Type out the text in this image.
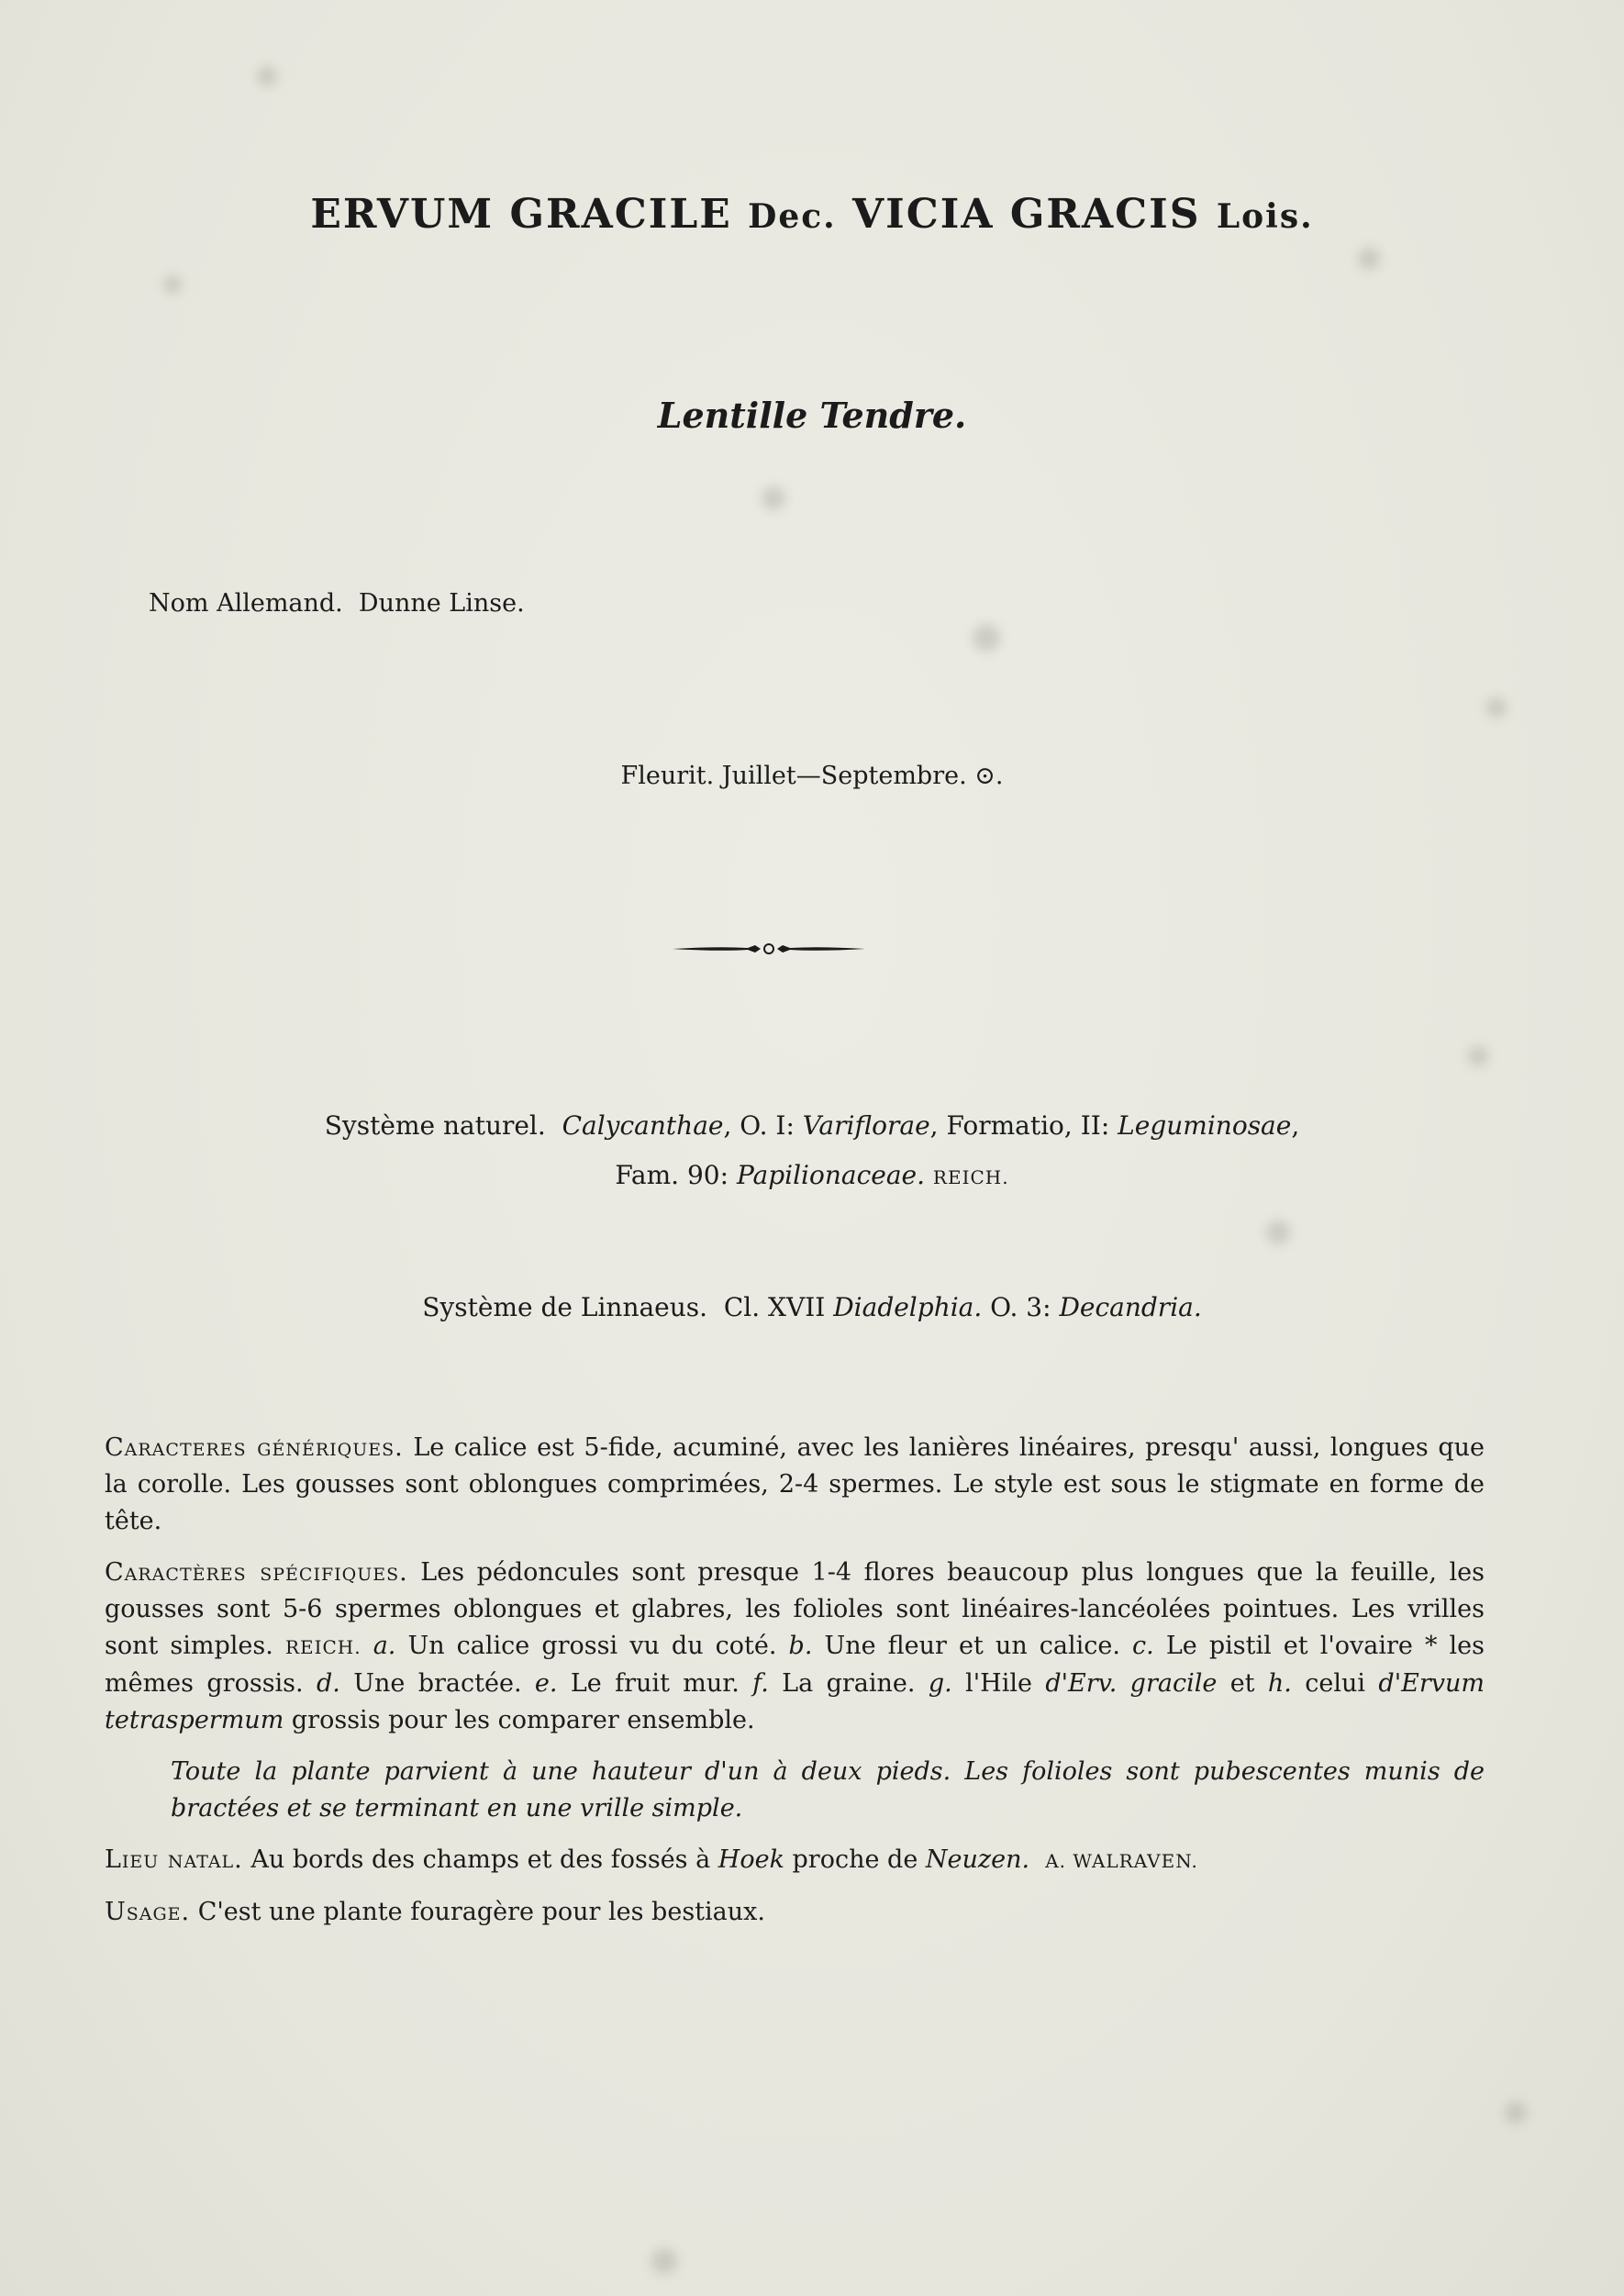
ERVUM GRACILE Dec. VICIA GRACIS Lois.
Lentille Tendre.
Nom Allemand.  Dunne Linse.
Fleurit. Juillet—Septembre. ⊙.
Système naturel. Calycanthae, O. I: Variflorae, Formatio, II: Leguminosae,
Fam. 90: Papilionaceae. REICH.
Système de Linnaeus. Cl. XVII Diadelphia. O. 3: Decandria.

Caracteres génériques. Le calice est 5-fide, acuminé, avec les lanières linéaires, presqu' aussi, longues que la corolle. Les gousses sont oblongues comprimées, 2-4 spermes. Le style est sous le stigmate en forme de tête.

Caractères spécifiques. Les pédoncules sont presque 1-4 flores beaucoup plus longues que la feuille, les gousses sont 5-6 spermes oblongues et glabres, les folioles sont linéaires-lancéolées pointues. Les vrilles sont simples. REICH. a. Un calice grossi vu du coté. b. Une fleur et un calice. c. Le pistil et l'ovaire * les mêmes grossis. d. Une bractée. e. Le fruit mur. f. La graine. g. l'Hile d'Erv. gracile et h. celui d'Ervum tetraspermum grossis pour les comparer ensemble.

Toute la plante parvient à une hauteur d'un à deux pieds. Les folioles sont pubescentes munis de bractées et se terminant en une vrille simple.

Lieu natal. Au bords des champs et des fossés à Hoek proche de Neuzen. A. WALRAVEN.

Usage. C'est une plante fouragère pour les bestiaux.
